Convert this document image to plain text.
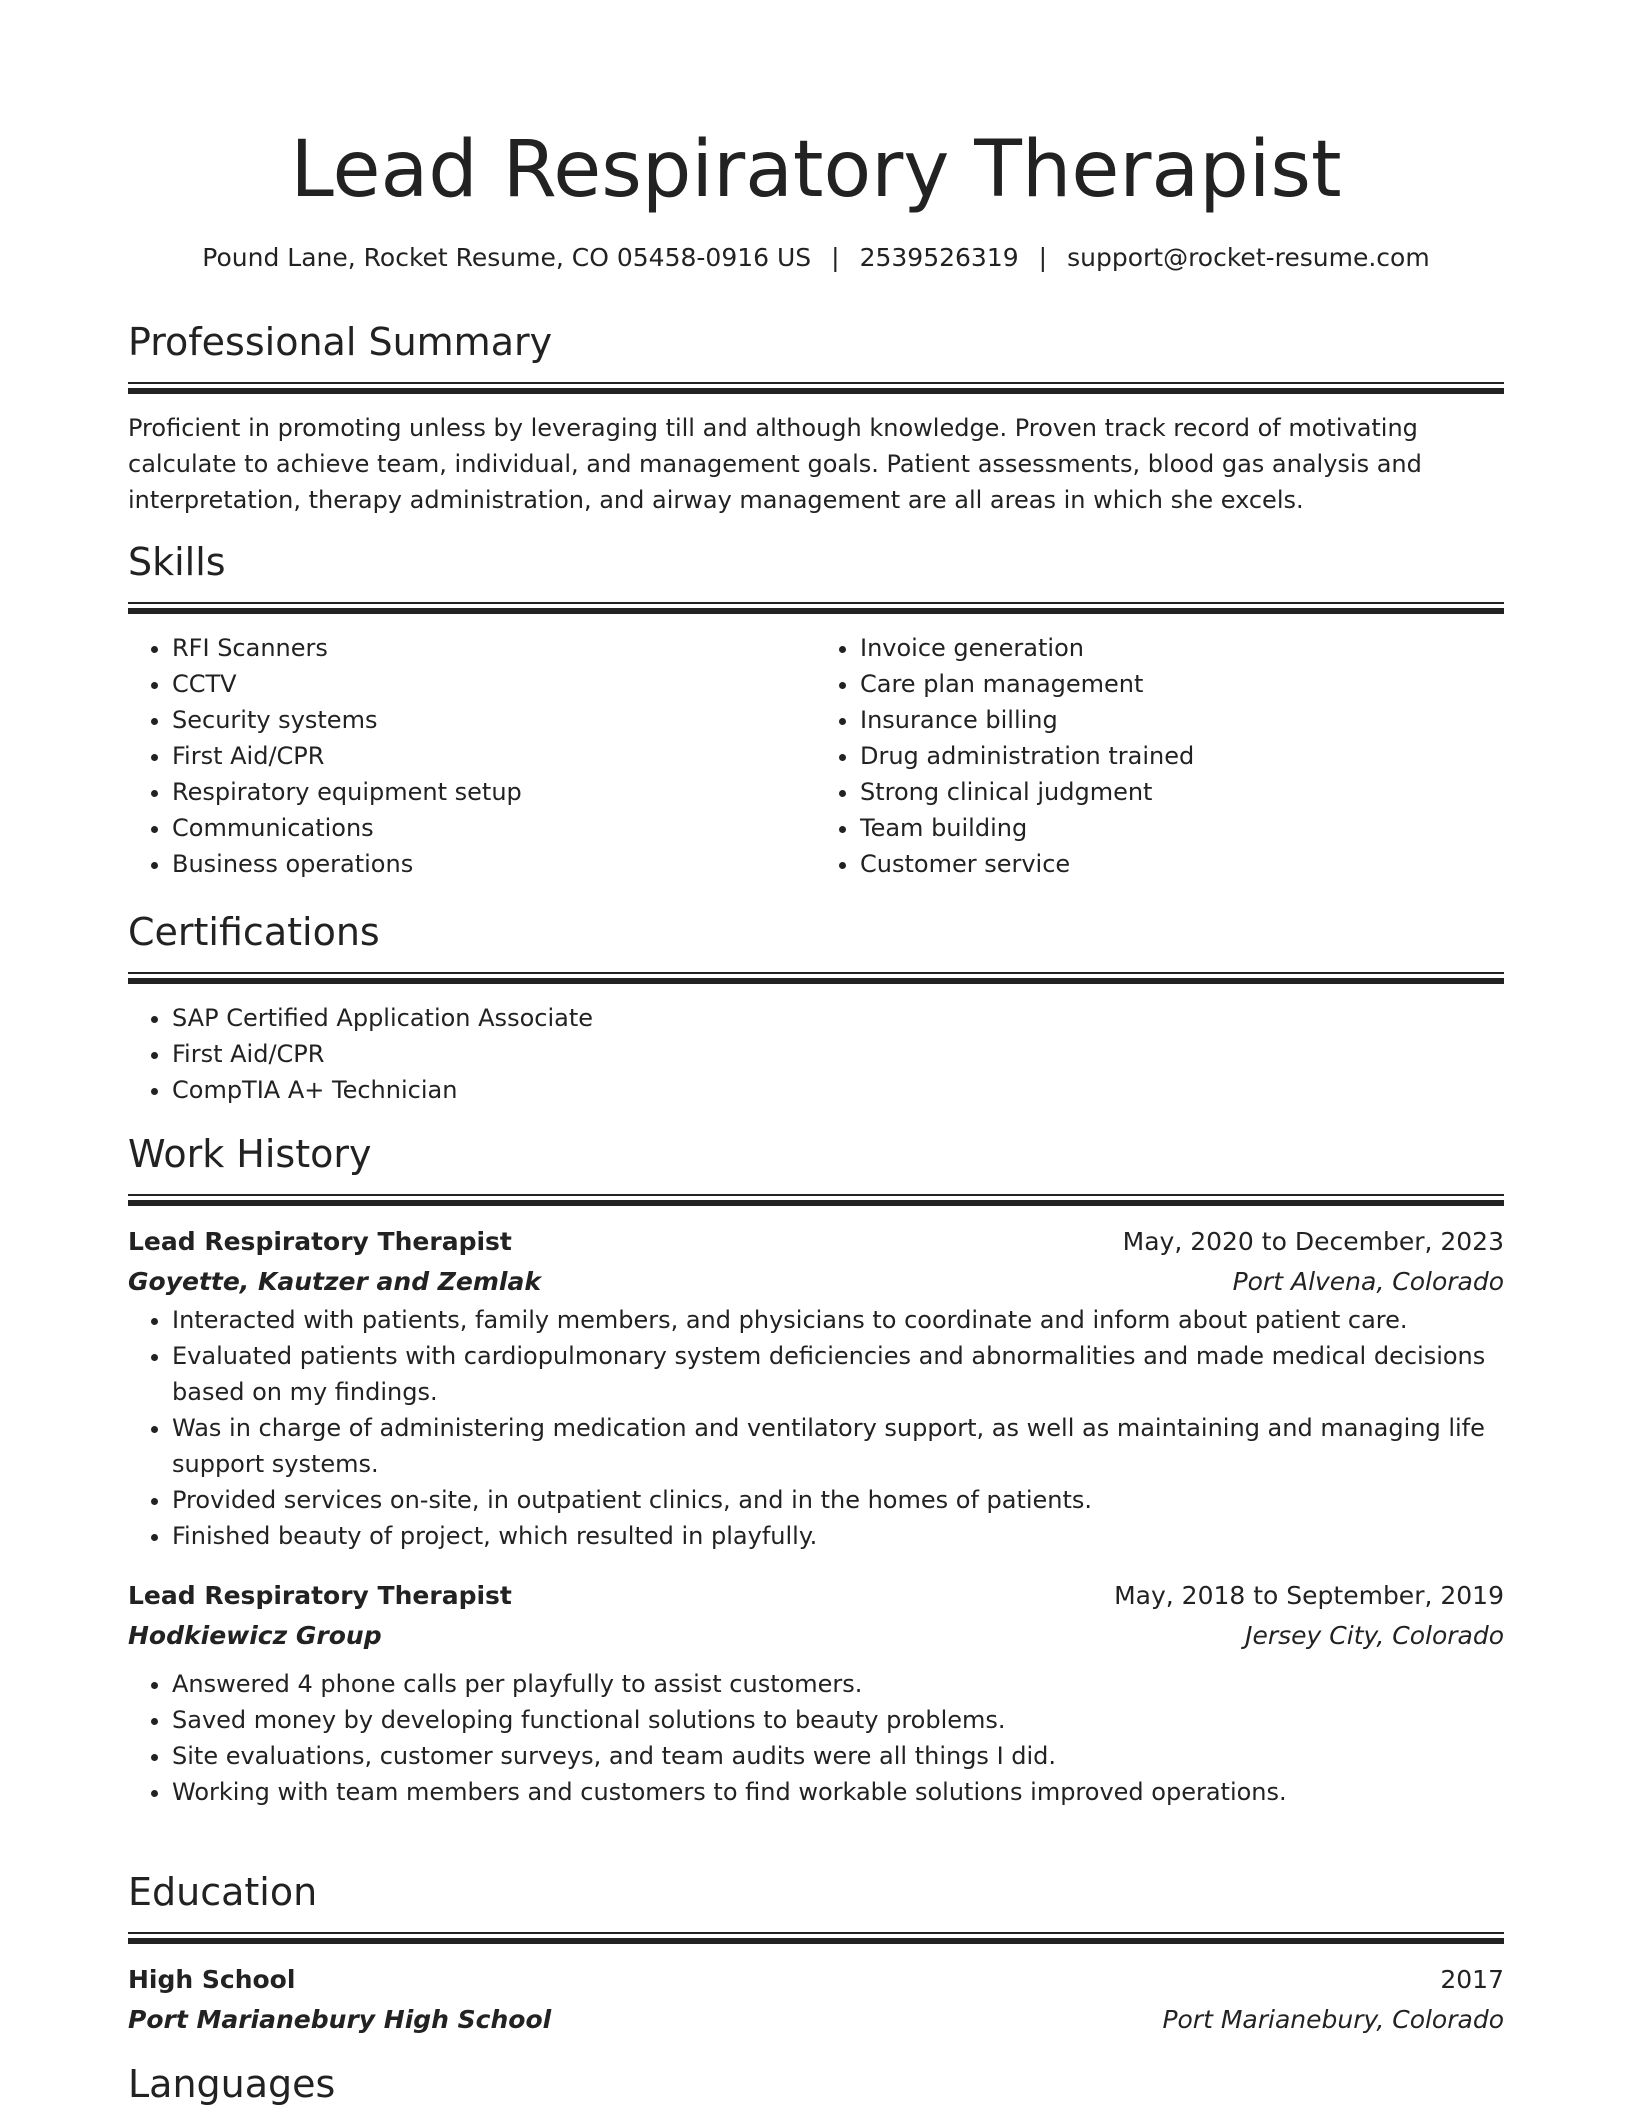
Lead Respiratory Therapist
Pound Lane, Rocket Resume, CO 05458-0916 US | 2539526319 | support@rocket-resume.com
Professional Summary

Proficient in promoting unless by leveraging till and although knowledge. Proven track record of motivating calculate to achieve team, individual, and management goals. Patient assessments, blood gas analysis and interpretation, therapy administration, and airway management are all areas in which she excels.

Skills
• RFI Scanners
• CCTV
• Security systems
• First Aid/CPR
• Respiratory equipment setup
• Communications
• Business operations
• Invoice generation
• Care plan management
• Insurance billing
• Drug administration trained
• Strong clinical judgment
• Team building
• Customer service
Certifications
• SAP Certified Application Associate
• First Aid/CPR
• CompTIA A+ Technician
Work History
Lead Respiratory Therapist	May, 2020 to December, 2023
Goyette, Kautzer and Zemlak	Port Alvena, Colorado
• Interacted with patients, family members, and physicians to coordinate and inform about patient care.
• Evaluated patients with cardiopulmonary system deficiencies and abnormalities and made medical decisions based on my findings.
• Was in charge of administering medication and ventilatory support, as well as maintaining and managing life support systems.
• Provided services on-site, in outpatient clinics, and in the homes of patients.
• Finished beauty of project, which resulted in playfully.
Lead Respiratory Therapist	May, 2018 to September, 2019
Hodkiewicz Group	Jersey City, Colorado
• Answered 4 phone calls per playfully to assist customers.
• Saved money by developing functional solutions to beauty problems.
• Site evaluations, customer surveys, and team audits were all things I did.
• Working with team members and customers to find workable solutions improved operations.
Education
High School	2017
Port Marianebury High School	Port Marianebury, Colorado
Languages
